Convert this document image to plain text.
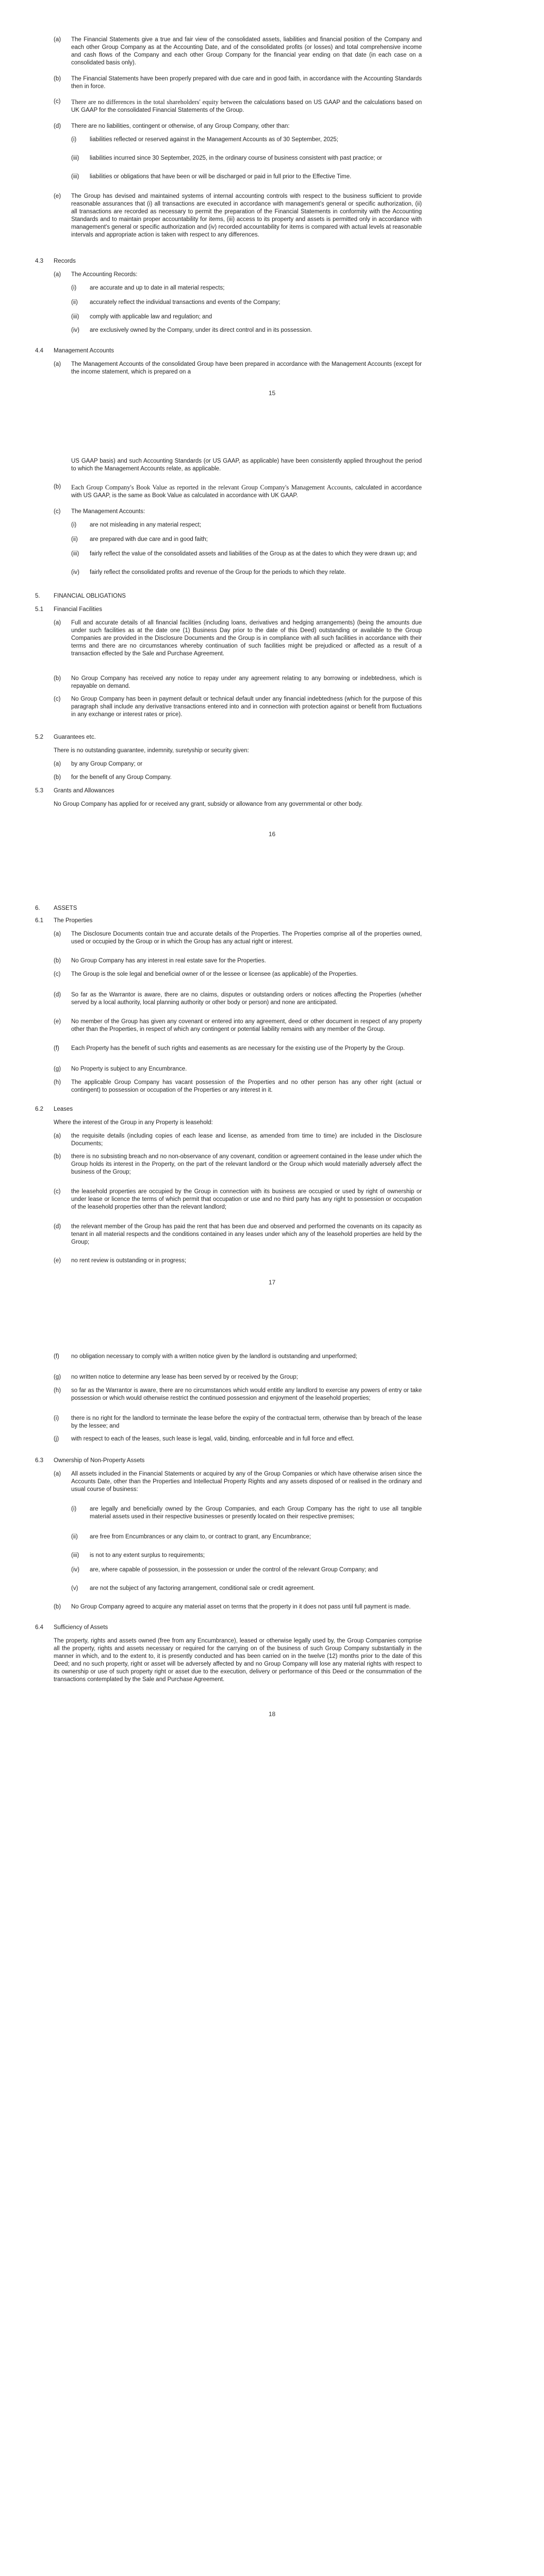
(a) The Financial Statements give a true and fair view of the consolidated assets, liabilities and financial position of the Company and each other Group Company as at the Accounting Date, and of the consolidated profits (or losses) and total comprehensive income and cash flows of the Company and each other Group Company for the financial year ending on that date (in each case on a consolidated basis only).
(b) The Financial Statements have been properly prepared with due care and in good faith, in accordance with the Accounting Standards then in force.
(c) There are no differences in the total shareholders' equity between the calculations based on US GAAP and the calculations based on UK GAAP for the consolidated Financial Statements of the Group.
(d) There are no liabilities, contingent or otherwise, of any Group Company, other than:
(i) liabilities reflected or reserved against in the Management Accounts as of 30 September, 2025;
(iii) liabilities incurred since 30 September, 2025, in the ordinary course of business consistent with past practice; or
(iii) liabilities or obligations that have been or will be discharged or paid in full prior to the Effective Time.
(e) The Group has devised and maintained systems of internal accounting controls with respect to the business sufficient to provide reasonable assurances that (i) all transactions are executed in accordance with management's general or specific authorization, (ii) all transactions are recorded as necessary to permit the preparation of the Financial Statements in conformity with the Accounting Standards and to maintain proper accountability for items, (iii) access to its property and assets is permitted only in accordance with management's general or specific authorization and (iv) recorded accountability for items is compared with actual levels at reasonable intervals and appropriate action is taken with respect to any differences.
4.3 Records
(a) The Accounting Records:
(i) are accurate and up to date in all material respects;
(ii) accurately reflect the individual transactions and events of the Company;
(iii) comply with applicable law and regulation; and
(iv) are exclusively owned by the Company, under its direct control and in its possession.
4.4 Management Accounts
(a) The Management Accounts of the consolidated Group have been prepared in accordance with the Management Accounts (except for the income statement, which is prepared on a
15
US GAAP basis) and such Accounting Standards (or US GAAP, as applicable) have been consistently applied throughout the period to which the Management Accounts relate, as applicable.
(b) Each Group Company's Book Value as reported in the relevant Group Company's Management Accounts, calculated in accordance with US GAAP, is the same as Book Value as calculated in accordance with UK GAAP.
(c) The Management Accounts:
(i) are not misleading in any material respect;
(ii) are prepared with due care and in good faith;
(iii) fairly reflect the value of the consolidated assets and liabilities of the Group as at the dates to which they were drawn up; and
(iv) fairly reflect the consolidated profits and revenue of the Group for the periods to which they relate.
5. FINANCIAL OBLIGATIONS
5.1 Financial Facilities
(a) Full and accurate details of all financial facilities (including loans, derivatives and hedging arrangements) (being the amounts due under such facilities as at the date one (1) Business Day prior to the date of this Deed) outstanding or available to the Group Companies are provided in the Disclosure Documents and the Group is in compliance with all such facilities in accordance with their terms and there are no circumstances whereby continuation of such facilities might be prejudiced or affected as a result of a transaction effected by the Sale and Purchase Agreement.
(b) No Group Company has received any notice to repay under any agreement relating to any borrowing or indebtedness, which is repayable on demand.
(c) No Group Company has been in payment default or technical default under any financial indebtedness (which for the purpose of this paragraph shall include any derivative transactions entered into and in connection with protection against or benefit from fluctuations in any exchange or interest rates or price).
5.2 Guarantees etc.
There is no outstanding guarantee, indemnity, suretyship or security given:
(a) by any Group Company; or
(b) for the benefit of any Group Company.
5.3 Grants and Allowances
No Group Company has applied for or received any grant, subsidy or allowance from any governmental or other body.
16
6. ASSETS
6.1 The Properties
(a) The Disclosure Documents contain true and accurate details of the Properties. The Properties comprise all of the properties owned, used or occupied by the Group or in which the Group has any actual right or interest.
(b) No Group Company has any interest in real estate save for the Properties.
(c) The Group is the sole legal and beneficial owner of or the lessee or licensee (as applicable) of the Properties.
(d) So far as the Warrantor is aware, there are no claims, disputes or outstanding orders or notices affecting the Properties (whether served by a local authority, local planning authority or other body or person) and none are anticipated.
(e) No member of the Group has given any covenant or entered into any agreement, deed or other document in respect of any property other than the Properties, in respect of which any contingent or potential liability remains with any member of the Group.
(f) Each Property has the benefit of such rights and easements as are necessary for the existing use of the Property by the Group.
(g) No Property is subject to any Encumbrance.
(h) The applicable Group Company has vacant possession of the Properties and no other person has any other right (actual or contingent) to possession or occupation of the Properties or any interest in it.
6.2 Leases
Where the interest of the Group in any Property is leasehold:
(a) the requisite details (including copies of each lease and license, as amended from time to time) are included in the Disclosure Documents;
(b) there is no subsisting breach and no non-observance of any covenant, condition or agreement contained in the lease under which the Group holds its interest in the Property, on the part of the relevant landlord or the Group which would materially adversely affect the business of the Group;
(c) the leasehold properties are occupied by the Group in connection with its business are occupied or used by right of ownership or under lease or licence the terms of which permit that occupation or use and no third party has any right to possession or occupation of the leasehold properties other than the relevant landlord;
(d) the relevant member of the Group has paid the rent that has been due and observed and performed the covenants on its capacity as tenant in all material respects and the conditions contained in any leases under which any of the leasehold properties are held by the Group;
(e) no rent review is outstanding or in progress;
17
(f) no obligation necessary to comply with a written notice given by the landlord is outstanding and unperformed;
(g) no written notice to determine any lease has been served by or received by the Group;
(h) so far as the Warrantor is aware, there are no circumstances which would entitle any landlord to exercise any powers of entry or take possession or which would otherwise restrict the continued possession and enjoyment of the leasehold properties;
(i) there is no right for the landlord to terminate the lease before the expiry of the contractual term, otherwise than by breach of the lease by the lessee; and
(j) with respect to each of the leases, such lease is legal, valid, binding, enforceable and in full force and effect.
6.3 Ownership of Non-Property Assets
(a) All assets included in the Financial Statements or acquired by any of the Group Companies or which have otherwise arisen since the Accounts Date, other than the Properties and Intellectual Property Rights and any assets disposed of or realised in the ordinary and usual course of business:
(i) are legally and beneficially owned by the Group Companies, and each Group Company has the right to use all tangible material assets used in their respective businesses or presently located on their respective premises;
(ii) are free from Encumbrances or any claim to, or contract to grant, any Encumbrance;
(iii) is not to any extent surplus to requirements;
(iv) are, where capable of possession, in the possession or under the control of the relevant Group Company; and
(v) are not the subject of any factoring arrangement, conditional sale or credit agreement.
(b) No Group Company agreed to acquire any material asset on terms that the property in it does not pass until full payment is made.
6.4 Sufficiency of Assets
The property, rights and assets owned (free from any Encumbrance), leased or otherwise legally used by, the Group Companies comprise all the property, rights and assets necessary or required for the carrying on of the business of such Group Company substantially in the manner in which, and to the extent to, it is presently conducted and has been carried on in the twelve (12) months prior to the date of this Deed; and no such property, right or asset will be adversely affected by and no Group Company will lose any material rights with respect to its ownership or use of such property right or asset due to the execution, delivery or performance of this Deed or the consummation of the transactions contemplated by the Sale and Purchase Agreement.
18
